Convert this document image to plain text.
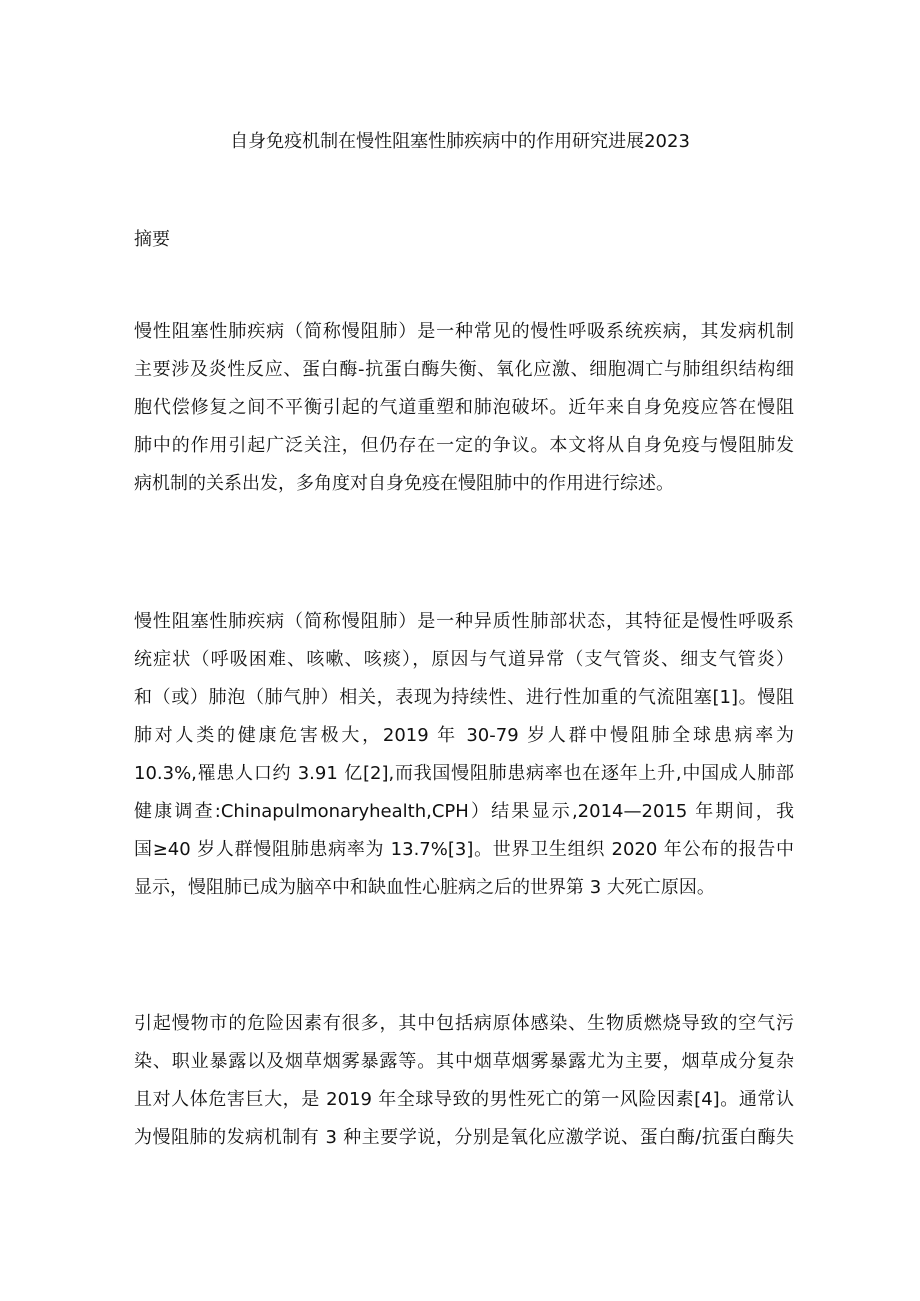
自身免疫机制在慢性阻塞性肺疾病中的作用研究进展2023
摘要
慢性阻塞性肺疾病（简称慢阻肺）是一种常见的慢性呼吸系统疾病，其发病机制
主要涉及炎性反应、蛋白酶-抗蛋白酶失衡、氧化应激、细胞凋亡与肺组织结构细
胞代偿修复之间不平衡引起的气道重塑和肺泡破坏。近年来自身免疫应答在慢阻
肺中的作用引起广泛关注，但仍存在一定的争议。本文将从自身免疫与慢阻肺发
病机制的关系出发，多角度对自身免疫在慢阻肺中的作用进行综述。
慢性阻塞性肺疾病（简称慢阻肺）是一种异质性肺部状态，其特征是慢性呼吸系
统症状（呼吸困难、咳嗽、咳痰），原因与气道异常（支气管炎、细支气管炎）
和（或）肺泡（肺气肿）相关，表现为持续性、进行性加重的气流阻塞[1]。慢阻
肺对人类的健康危害极大，2019 年 30-79 岁人群中慢阻肺全球患病率为
10.3%,罹患人口约 3.91 亿[2],而我国慢阻肺患病率也在逐年上升,中国成人肺部
健康调查:Chinapulmonaryhealth,CPH）结果显示,2014—2015 年期间，我
国≥40 岁人群慢阻肺患病率为 13.7%[3]。世界卫生组织 2020 年公布的报告中
显示，慢阻肺已成为脑卒中和缺血性心脏病之后的世界第 3 大死亡原因。
引起慢物市的危险因素有很多，其中包括病原体感染、生物质燃烧导致的空气污
染、职业暴露以及烟草烟雾暴露等。其中烟草烟雾暴露尤为主要，烟草成分复杂
且对人体危害巨大，是 2019 年全球导致的男性死亡的第一风险因素[4]。通常认
为慢阻肺的发病机制有 3 种主要学说，分别是氧化应激学说、蛋白酶/抗蛋白酶失
